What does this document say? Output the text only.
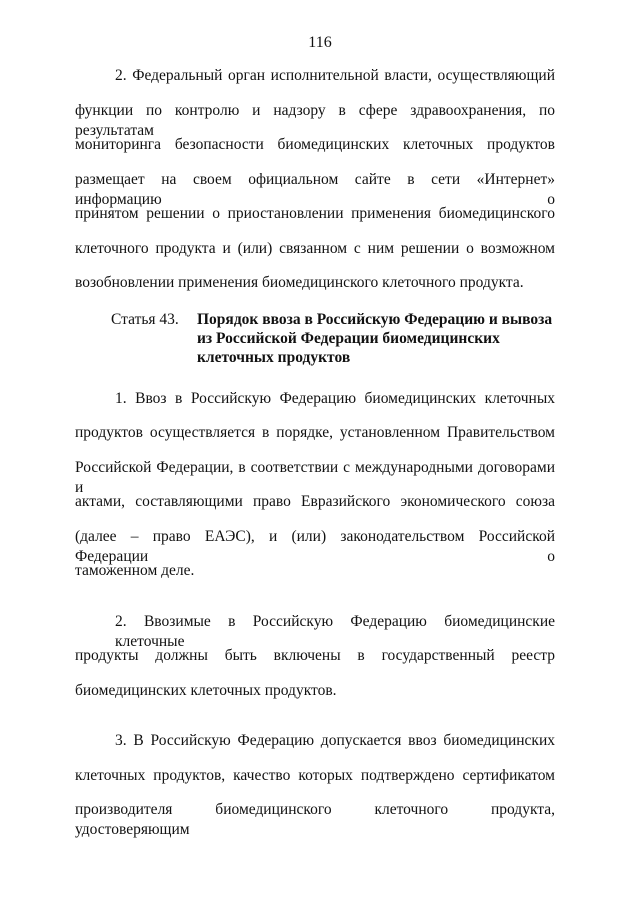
116
2. Федеральный орган исполнительной власти, осуществляющий
функции по контролю и надзору в сфере здравоохранения, по результатам
мониторинга безопасности биомедицинских клеточных продуктов
размещает на своем официальном сайте в сети «Интернет» информацию о
принятом решении о приостановлении применения биомедицинского
клеточного продукта и (или) связанном с ним решении о возможном
возобновлении применения биомедицинского клеточного продукта.
Статья 43.	Порядок ввоза в Российскую Федерацию и вывоза
из Российской Федерации биомедицинских
клеточных продуктов
1. Ввоз в Российскую Федерацию биомедицинских клеточных
продуктов осуществляется в порядке, установленном Правительством
Российской Федерации, в соответствии с международными договорами и
актами, составляющими право Евразийского экономического союза
(далее – право ЕАЭС), и (или) законодательством Российской Федерации о
таможенном деле.
2. Ввозимые в Российскую Федерацию биомедицинские клеточные
продукты должны быть включены в государственный реестр
биомедицинских клеточных продуктов.
3. В Российскую Федерацию допускается ввоз биомедицинских
клеточных продуктов, качество которых подтверждено сертификатом
производителя биомедицинского клеточного продукта, удостоверяющим
